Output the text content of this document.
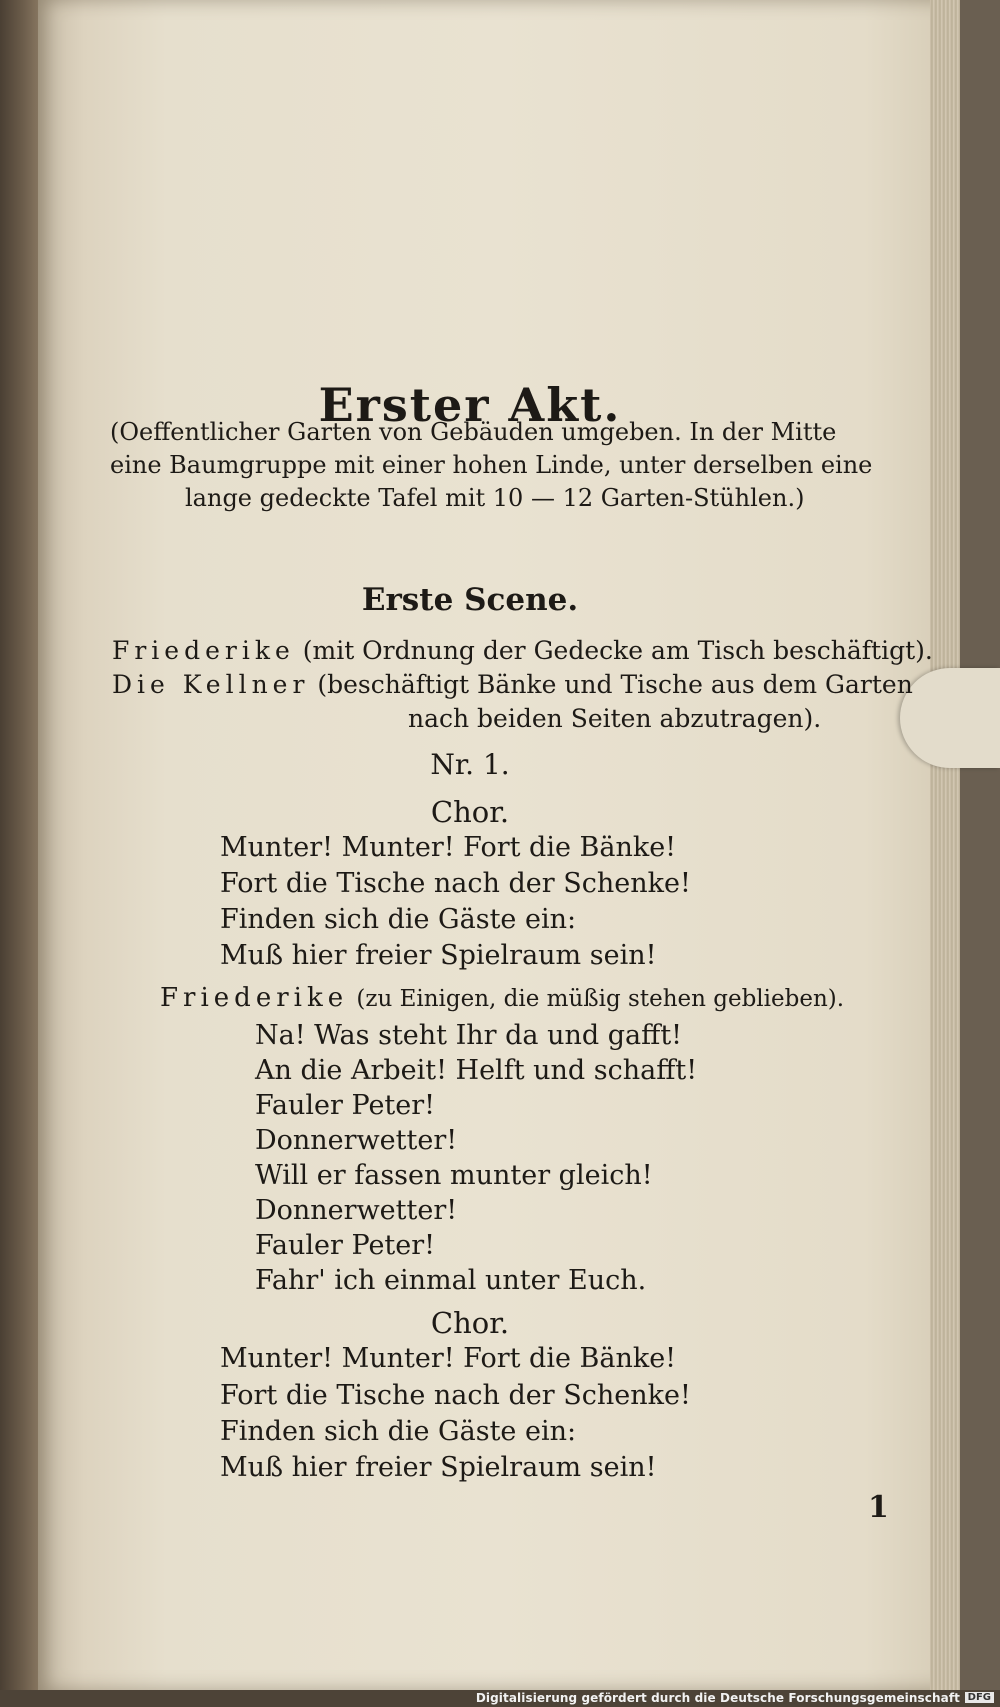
Erster Akt.
(Oeffentlicher Garten von Gebäuden umgeben. In der Mitte
eine Baumgruppe mit einer hohen Linde, unter derselben eine
lange gedeckte Tafel mit 10 — 12 Garten-Stühlen.)
Erste Scene.
Friederike (mit Ordnung der Gedecke am Tisch beschäftigt).
Die Kellner (beschäftigt Bänke und Tische aus dem Garten
nach beiden Seiten abzutragen).
Nr. 1.
Chor.
Munter! Munter! Fort die Bänke!
Fort die Tische nach der Schenke!
Finden sich die Gäste ein:
Muß hier freier Spielraum sein!
Friederike (zu Einigen, die müßig stehen geblieben).
Na! Was steht Ihr da und gafft!
An die Arbeit! Helft und schafft!
Fauler Peter!
Donnerwetter!
Will er fassen munter gleich!
Donnerwetter!
Fauler Peter!
Fahr' ich einmal unter Euch.
Chor.
Munter! Munter! Fort die Bänke!
Fort die Tische nach der Schenke!
Finden sich die Gäste ein:
Muß hier freier Spielraum sein!
1
Digitalisierung gefördert durch die Deutsche Forschungsgemeinschaft DFG
